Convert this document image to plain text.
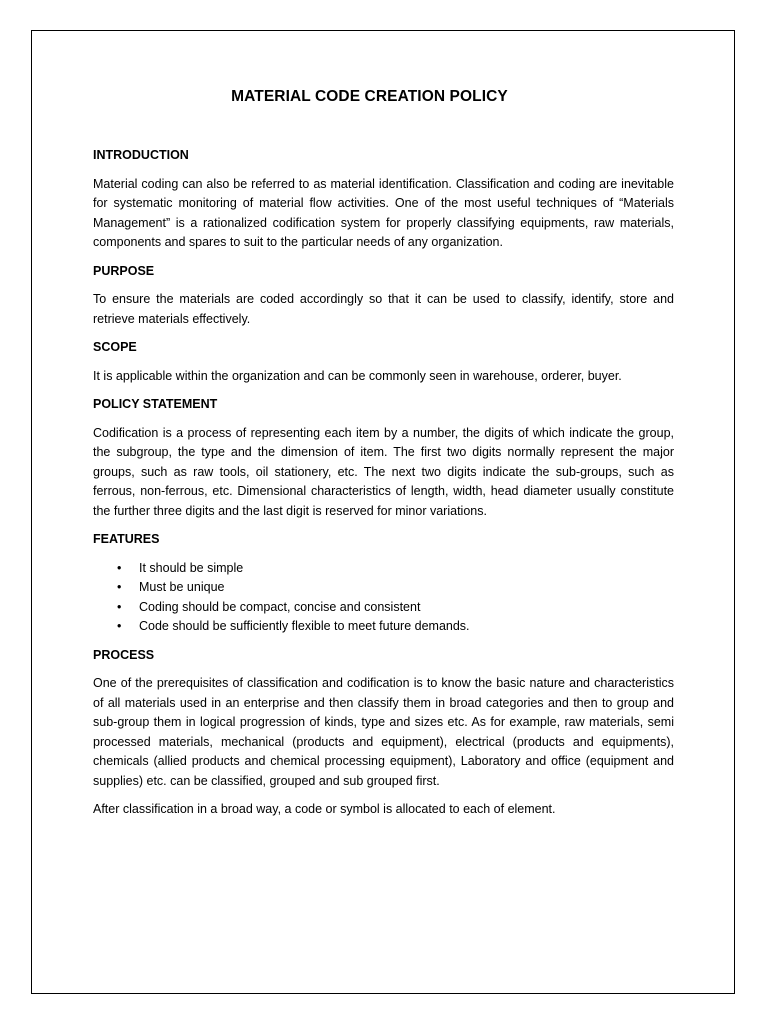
MATERIAL CODE CREATION POLICY
INTRODUCTION

Material coding can also be referred to as material identification. Classification and coding are inevitable for systematic monitoring of material flow activities. One of the most useful techniques of “Materials Management” is a rationalized codification system for properly classifying equipments, raw materials, components and spares to suit to the particular needs of any organization.

PURPOSE

To ensure the materials are coded accordingly so that it can be used to classify, identify, store and retrieve materials effectively.

SCOPE

It is applicable within the organization and can be commonly seen in warehouse, orderer, buyer.

POLICY STATEMENT

Codification is a process of representing each item by a number, the digits of which indicate the group, the subgroup, the type and the dimension of item. The first two digits normally represent the major groups, such as raw tools, oil stationery, etc. The next two digits indicate the sub-groups, such as ferrous, non-ferrous, etc. Dimensional characteristics of length, width, head diameter usually constitute the further three digits and the last digit is reserved for minor variations.

FEATURES
• It should be simple
• Must be unique
• Coding should be compact, concise and consistent
• Code should be sufficiently flexible to meet future demands.
PROCESS

One of the prerequisites of classification and codification is to know the basic nature and characteristics of all materials used in an enterprise and then classify them in broad categories and then to group and sub-group them in logical progression of kinds, type and sizes etc. As for example, raw materials, semi processed materials, mechanical (products and equipment), electrical (products and equipments), chemicals (allied products and chemical processing equipment), Laboratory and office (equipment and supplies) etc. can be classified, grouped and sub grouped first.

After classification in a broad way, a code or symbol is allocated to each of element.
